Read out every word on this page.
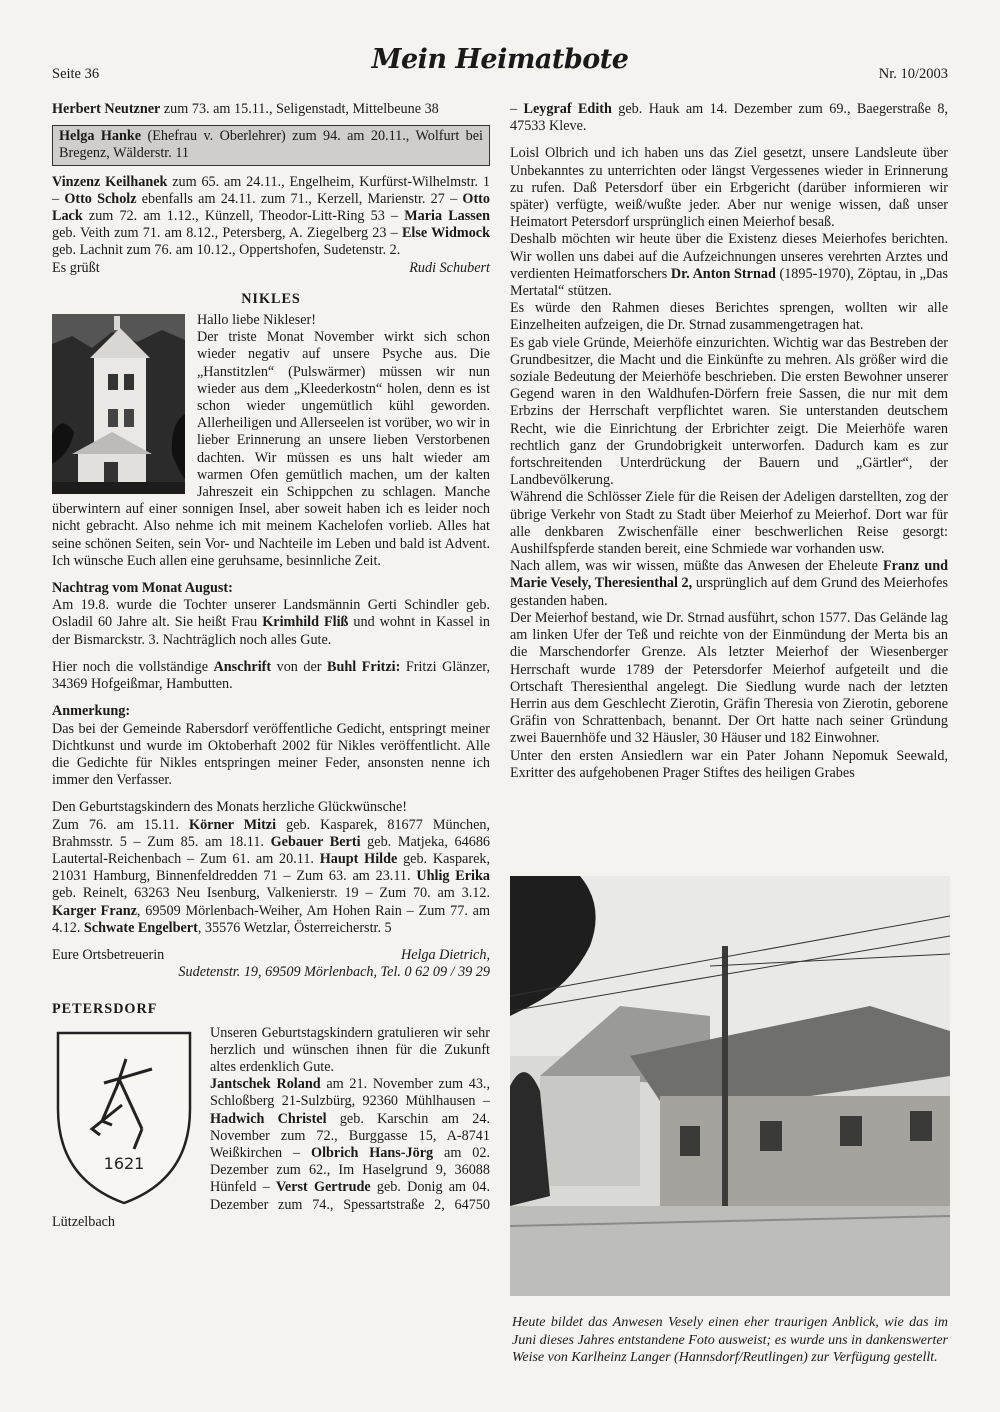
Seite 36	Mein Heimatbote	Nr. 10/2003

Herbert Neutzner zum 73. am 15.11., Seligenstadt, Mittelbeune 38

Helga Hanke (Ehefrau v. Oberlehrer) zum 94. am 20.11., Wolfurt bei Bregenz, Wälderstr. 11

Vinzenz Keilhanek zum 65. am 24.11., Engelheim, Kurfürst-Wilhelmstr. 1 – Otto Scholz ebenfalls am 24.11. zum 71., Kerzell, Marienstr. 27 – Otto Lack zum 72. am 1.12., Künzell, Theodor-Litt-Ring 53 – Maria Lassen geb. Veith zum 71. am 8.12., Petersberg, A. Ziegelberg 23 – Else Widmock geb. Lachnit zum 76. am 10.12., Oppertshofen, Sudetenstr. 2.

Es grüßt	Rudi Schubert

NIKLES

Hallo liebe Nikleser!
Der triste Monat November wirkt sich schon wieder negativ auf unsere Psyche aus. Die „Hanstitzlen“ (Pulswärmer) müssen wir nun wieder aus dem „Kleederkostn“ holen, denn es ist schon wieder ungemütlich kühl geworden. Allerheiligen und Allerseelen ist vorüber, wo wir in lieber Erinnerung an unsere lieben Verstorbenen dachten. Wir müssen es uns halt wieder am warmen Ofen gemütlich machen, um der kalten Jahreszeit ein Schippchen zu schlagen. Manche überwintern auf einer sonnigen Insel, aber soweit haben ich es leider noch nicht gebracht. Also nehme ich mit meinem Kachelofen vorlieb. Alles hat seine schönen Seiten, sein Vor- und Nachteile im Leben und bald ist Advent. Ich wünsche Euch allen eine geruhsame, besinnliche Zeit.

Nachtrag vom Monat August:

Am 19.8. wurde die Tochter unserer Landsmännin Gerti Schindler geb. Osladil 60 Jahre alt. Sie heißt Frau Krimhild Fliß und wohnt in Kassel in der Bismarckstr. 3. Nachträglich noch alles Gute.

Hier noch die vollständige Anschrift von der Buhl Fritzi: Fritzi Glänzer, 34369 Hofgeißmar, Hambutten.

Anmerkung:

Das bei der Gemeinde Rabersdorf veröffentliche Gedicht, entspringt meiner Dichtkunst und wurde im Oktoberhaft 2002 für Nikles veröffentlicht. Alle die Gedichte für Nikles entspringen meiner Feder, ansonsten nenne ich immer den Verfasser.

Den Geburtstagskindern des Monats herzliche Glückwünsche!
Zum 76. am 15.11. Körner Mitzi geb. Kasparek, 81677 München, Brahmsstr. 5 – Zum 85. am 18.11. Gebauer Berti geb. Matjeka, 64686 Lautertal-Reichenbach – Zum 61. am 20.11. Haupt Hilde geb. Kasparek, 21031 Hamburg, Binnenfeldredden 71 – Zum 63. am 23.11. Uhlig Erika geb. Reinelt, 63263 Neu Isenburg, Valkenierstr. 19 – Zum 70. am 3.12. Karger Franz, 69509 Mörlenbach-Weiher, Am Hohen Rain – Zum 77. am 4.12. Schwate Engelbert, 35576 Wetzlar, Österreicherstr. 5

Eure Ortsbetreuerin	Helga Dietrich,

Sudetenstr. 19, 69509 Mörlenbach, Tel. 0 62 09 / 39 29

PETERSDORF

1621

Unseren Geburtstagskindern gratulieren wir sehr herzlich und wünschen ihnen für die Zukunft altes erdenklich Gute.
Jantschek Roland am 21. November zum 43., Schloßberg 21-Sulzbürg, 92360 Mühlhausen – Hadwich Christel geb. Karschin am 24. November zum 72., Burggasse 15, A-8741 Weißkirchen – Olbrich Hans-Jörg am 02. Dezember zum 62., Im Haselgrund 9, 36088 Hünfeld – Verst Gertrude geb. Donig am 04. Dezember zum 74., Spessartstraße 2, 64750 Lützelbach

– Leygraf Edith geb. Hauk am 14. Dezember zum 69., Baegerstraße 8, 47533 Kleve.

Loisl Olbrich und ich haben uns das Ziel gesetzt, unsere Landsleute über Unbekanntes zu unterrichten oder längst Vergessenes wieder in Erinnerung zu rufen. Daß Petersdorf über ein Erbgericht (darüber informieren wir später) verfügte, weiß/wußte jeder. Aber nur wenige wissen, daß unser Heimatort Petersdorf ursprünglich einen Meierhof besaß.

Deshalb möchten wir heute über die Existenz dieses Meierhofes berichten. Wir wollen uns dabei auf die Aufzeichnungen unseres verehrten Arztes und verdienten Heimatforschers Dr. Anton Strnad (1895-1970), Zöptau, in „Das Mertatal“ stützen.

Es würde den Rahmen dieses Berichtes sprengen, wollten wir alle Einzelheiten aufzeigen, die Dr. Strnad zusammengetragen hat.

Es gab viele Gründe, Meierhöfe einzurichten. Wichtig war das Bestreben der Grundbesitzer, die Macht und die Einkünfte zu mehren. Als größer wird die soziale Bedeutung der Meierhöfe beschrieben. Die ersten Bewohner unserer Gegend waren in den Waldhufen-Dörfern freie Sassen, die nur mit dem Erbzins der Herrschaft verpflichtet waren. Sie unterstanden deutschem Recht, wie die Einrichtung der Erbrichter zeigt. Die Meierhöfe waren rechtlich ganz der Grundobrigkeit unterworfen. Dadurch kam es zur fortschreitenden Unterdrückung der Bauern und „Gärtler“, der Landbevölkerung.

Während die Schlösser Ziele für die Reisen der Adeligen darstellten, zog der übrige Verkehr von Stadt zu Stadt über Meierhof zu Meierhof. Dort war für alle denkbaren Zwischenfälle einer beschwerlichen Reise gesorgt: Aushilfspferde standen bereit, eine Schmiede war vorhanden usw.

Nach allem, was wir wissen, müßte das Anwesen der Eheleute Franz und Marie Vesely, Theresienthal 2, ursprünglich auf dem Grund des Meierhofes gestanden haben.

Der Meierhof bestand, wie Dr. Strnad ausführt, schon 1577. Das Gelände lag am linken Ufer der Teß und reichte von der Einmündung der Mertа bis an die Marschendorfer Grenze. Als letzter Meierhof der Wiesenberger Herrschaft wurde 1789 der Petersdorfer Meierhof aufgeteilt und die Ortschaft Theresienthal angelegt. Die Siedlung wurde nach der letzten Herrin aus dem Geschlecht Zierotin, Gräfin Theresia von Zierotin, geborene Gräfin von Schrattenbach, benannt. Der Ort hatte nach seiner Gründung zwei Bauernhöfe und 32 Häusler, 30 Häuser und 182 Einwohner.

Unter den ersten Ansiedlern war ein Pater Johann Nepomuk Seewald, Exritter des aufgehobenen Prager Stiftes des heiligen Grabes

Heute bildet das Anwesen Vesely einen eher traurigen Anblick, wie das im Juni dieses Jahres entstandene Foto ausweist; es wurde uns in dankenswerter Weise von Karlheinz Langer (Hannsdorf/Reutlingen) zur Verfügung gestellt.
